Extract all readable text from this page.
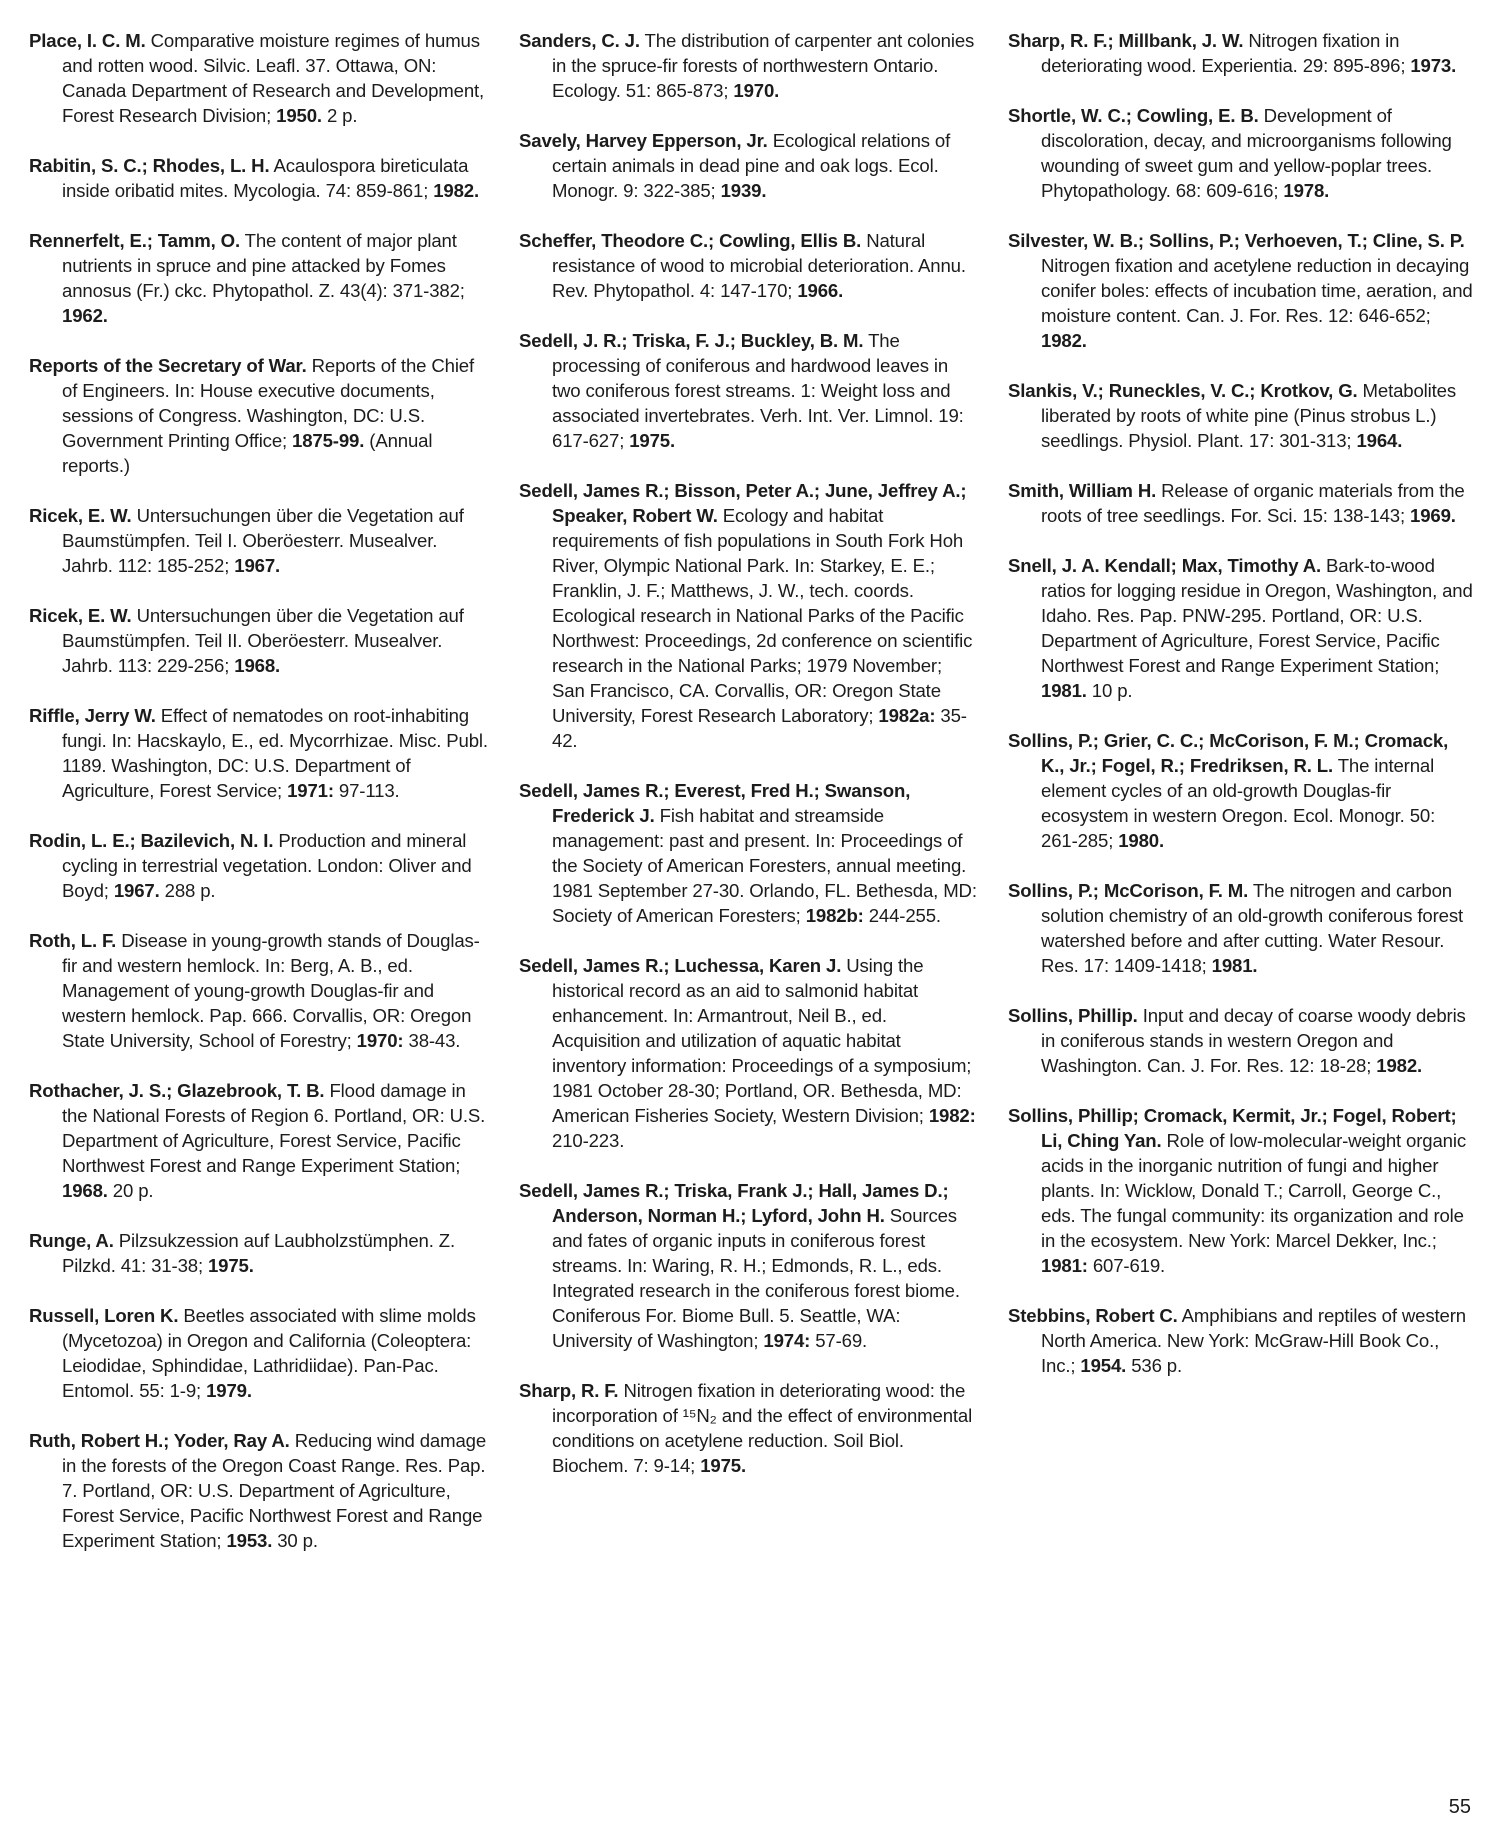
Place, I. C. M. Comparative moisture regimes of humus and rotten wood. Silvic. Leafl. 37. Ottawa, ON: Canada Department of Research and Development, Forest Research Division; 1950. 2 p.

Rabitin, S. C.; Rhodes, L. H. Acaulospora bireticulata inside oribatid mites. Mycologia. 74: 859-861; 1982.

Rennerfelt, E.; Tamm, O. The content of major plant nutrients in spruce and pine attacked by Fomes annosus (Fr.) ckc. Phytopathol. Z. 43(4): 371-382; 1962.

Reports of the Secretary of War. Reports of the Chief of Engineers. In: House executive documents, sessions of Congress. Washington, DC: U.S. Government Printing Office; 1875-99. (Annual reports.)

Ricek, E. W. Untersuchungen über die Vegetation auf Baumstümpfen. Teil I. Oberöesterr. Musealver. Jahrb. 112: 185-252; 1967.

Ricek, E. W. Untersuchungen über die Vegetation auf Baumstümpfen. Teil II. Oberöesterr. Musealver. Jahrb. 113: 229-256; 1968.

Riffle, Jerry W. Effect of nematodes on root-inhabiting fungi. In: Hacskaylo, E., ed. Mycorrhizae. Misc. Publ. 1189. Washington, DC: U.S. Department of Agriculture, Forest Service; 1971: 97-113.

Rodin, L. E.; Bazilevich, N. I. Production and mineral cycling in terrestrial vegetation. London: Oliver and Boyd; 1967. 288 p.

Roth, L. F. Disease in young-growth stands of Douglas-fir and western hemlock. In: Berg, A. B., ed. Management of young-growth Douglas-fir and western hemlock. Pap. 666. Corvallis, OR: Oregon State University, School of Forestry; 1970: 38-43.

Rothacher, J. S.; Glazebrook, T. B. Flood damage in the National Forests of Region 6. Portland, OR: U.S. Department of Agriculture, Forest Service, Pacific Northwest Forest and Range Experiment Station; 1968. 20 p.

Runge, A. Pilzsukzession auf Laubholzstümphen. Z. Pilzkd. 41: 31-38; 1975.

Russell, Loren K. Beetles associated with slime molds (Mycetozoa) in Oregon and California (Coleoptera: Leiodidae, Sphindidae, Lathridiidae). Pan-Pac. Entomol. 55: 1-9; 1979.

Ruth, Robert H.; Yoder, Ray A. Reducing wind damage in the forests of the Oregon Coast Range. Res. Pap. 7. Portland, OR: U.S. Department of Agriculture, Forest Service, Pacific Northwest Forest and Range Experiment Station; 1953. 30 p.

Sanders, C. J. The distribution of carpenter ant colonies in the spruce-fir forests of northwestern Ontario. Ecology. 51: 865-873; 1970.

Savely, Harvey Epperson, Jr. Ecological relations of certain animals in dead pine and oak logs. Ecol. Monogr. 9: 322-385; 1939.

Scheffer, Theodore C.; Cowling, Ellis B. Natural resistance of wood to microbial deterioration. Annu. Rev. Phytopathol. 4: 147-170; 1966.

Sedell, J. R.; Triska, F. J.; Buckley, B. M. The processing of coniferous and hardwood leaves in two coniferous forest streams. 1: Weight loss and associated invertebrates. Verh. Int. Ver. Limnol. 19: 617-627; 1975.

Sedell, James R.; Bisson, Peter A.; June, Jeffrey A.; Speaker, Robert W. Ecology and habitat requirements of fish populations in South Fork Hoh River, Olympic National Park. In: Starkey, E. E.; Franklin, J. F.; Matthews, J. W., tech. coords. Ecological research in National Parks of the Pacific Northwest: Proceedings, 2d conference on scientific research in the National Parks; 1979 November; San Francisco, CA. Corvallis, OR: Oregon State University, Forest Research Laboratory; 1982a: 35-42.

Sedell, James R.; Everest, Fred H.; Swanson, Frederick J. Fish habitat and streamside management: past and present. In: Proceedings of the Society of American Foresters, annual meeting. 1981 September 27-30. Orlando, FL. Bethesda, MD: Society of American Foresters; 1982b: 244-255.

Sedell, James R.; Luchessa, Karen J. Using the historical record as an aid to salmonid habitat enhancement. In: Armantrout, Neil B., ed. Acquisition and utilization of aquatic habitat inventory information: Proceedings of a symposium; 1981 October 28-30; Portland, OR. Bethesda, MD: American Fisheries Society, Western Division; 1982: 210-223.

Sedell, James R.; Triska, Frank J.; Hall, James D.; Anderson, Norman H.; Lyford, John H. Sources and fates of organic inputs in coniferous forest streams. In: Waring, R. H.; Edmonds, R. L., eds. Integrated research in the coniferous forest biome. Coniferous For. Biome Bull. 5. Seattle, WA: University of Washington; 1974: 57-69.

Sharp, R. F. Nitrogen fixation in deteriorating wood: the incorporation of ¹⁵N₂ and the effect of environmental conditions on acetylene reduction. Soil Biol. Biochem. 7: 9-14; 1975.

Sharp, R. F.; Millbank, J. W. Nitrogen fixation in deteriorating wood. Experientia. 29: 895-896; 1973.

Shortle, W. C.; Cowling, E. B. Development of discoloration, decay, and microorganisms following wounding of sweet gum and yellow-poplar trees. Phytopathology. 68: 609-616; 1978.

Silvester, W. B.; Sollins, P.; Verhoeven, T.; Cline, S. P. Nitrogen fixation and acetylene reduction in decaying conifer boles: effects of incubation time, aeration, and moisture content. Can. J. For. Res. 12: 646-652; 1982.

Slankis, V.; Runeckles, V. C.; Krotkov, G. Metabolites liberated by roots of white pine (Pinus strobus L.) seedlings. Physiol. Plant. 17: 301-313; 1964.

Smith, William H. Release of organic materials from the roots of tree seedlings. For. Sci. 15: 138-143; 1969.

Snell, J. A. Kendall; Max, Timothy A. Bark-to-wood ratios for logging residue in Oregon, Washington, and Idaho. Res. Pap. PNW-295. Portland, OR: U.S. Department of Agriculture, Forest Service, Pacific Northwest Forest and Range Experiment Station; 1981. 10 p.

Sollins, P.; Grier, C. C.; McCorison, F. M.; Cromack, K., Jr.; Fogel, R.; Fredriksen, R. L. The internal element cycles of an old-growth Douglas-fir ecosystem in western Oregon. Ecol. Monogr. 50: 261-285; 1980.

Sollins, P.; McCorison, F. M. The nitrogen and carbon solution chemistry of an old-growth coniferous forest watershed before and after cutting. Water Resour. Res. 17: 1409-1418; 1981.

Sollins, Phillip. Input and decay of coarse woody debris in coniferous stands in western Oregon and Washington. Can. J. For. Res. 12: 18-28; 1982.

Sollins, Phillip; Cromack, Kermit, Jr.; Fogel, Robert; Li, Ching Yan. Role of low-molecular-weight organic acids in the inorganic nutrition of fungi and higher plants. In: Wicklow, Donald T.; Carroll, George C., eds. The fungal community: its organization and role in the ecosystem. New York: Marcel Dekker, Inc.; 1981: 607-619.

Stebbins, Robert C. Amphibians and reptiles of western North America. New York: McGraw-Hill Book Co., Inc.; 1954. 536 p.

55
